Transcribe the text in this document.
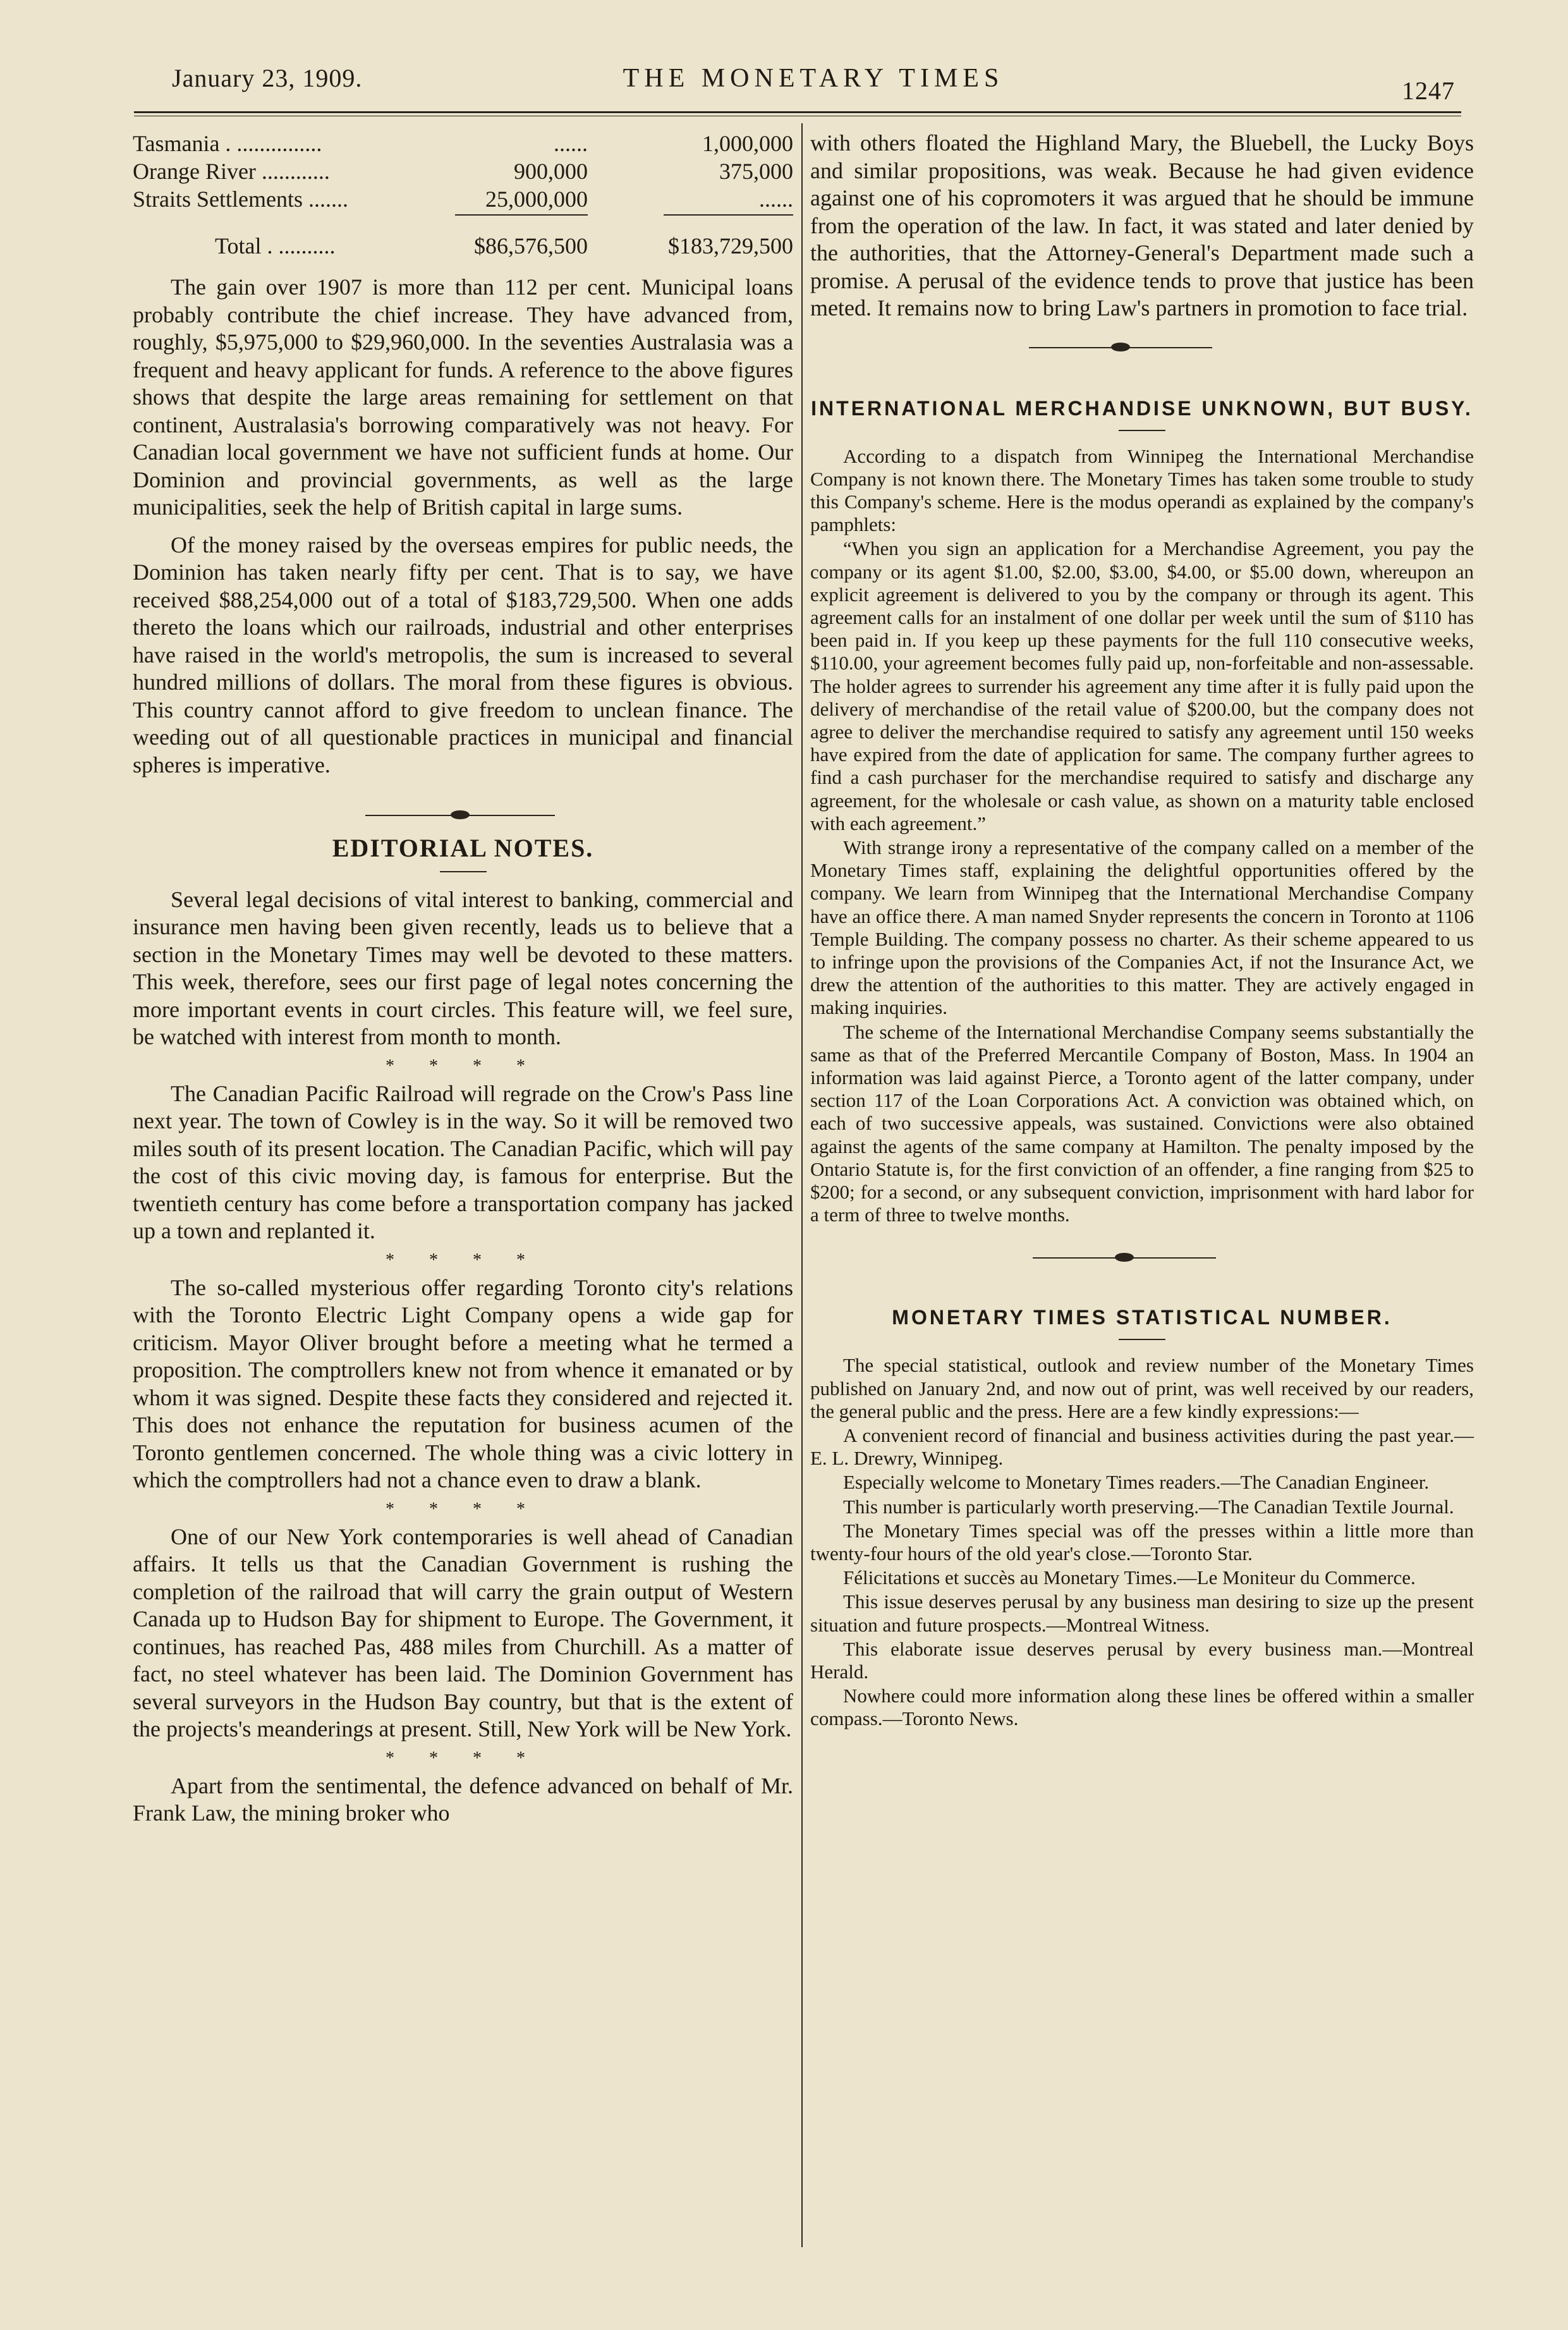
January 23, 1909.	THE MONETARY TIMES	1247
Tasmania . ...............	......	1,000,000
Orange River ............	900,000	375,000
Straits Settlements .......	25,000,000	......

Total . ..........	$86,576,500	$183,729,500

The gain over 1907 is more than 112 per cent. Municipal loans probably contribute the chief increase. They have advanced from, roughly, $5,975,000 to $29,960,000. In the seventies Australasia was a frequent and heavy applicant for funds. A reference to the above figures shows that despite the large areas remaining for settlement on that continent, Australasia's borrowing comparatively was not heavy. For Canadian local government we have not sufficient funds at home. Our Dominion and provincial governments, as well as the large municipalities, seek the help of British capital in large sums.

Of the money raised by the overseas empires for public needs, the Dominion has taken nearly fifty per cent. That is to say, we have received $88,254,000 out of a total of $183,729,500. When one adds thereto the loans which our railroads, industrial and other enterprises have raised in the world's metropolis, the sum is increased to several hundred millions of dollars. The moral from these figures is obvious. This country cannot afford to give freedom to unclean finance. The weeding out of all questionable practices in municipal and financial spheres is imperative.

EDITORIAL NOTES.

Several legal decisions of vital interest to banking, commercial and insurance men having been given recently, leads us to believe that a section in the Monetary Times may well be devoted to these matters. This week, therefore, sees our first page of legal notes concerning the more important events in court circles. This feature will, we feel sure, be watched with interest from month to month.

* * * *

The Canadian Pacific Railroad will regrade on the Crow's Pass line next year. The town of Cowley is in the way. So it will be removed two miles south of its present location. The Canadian Pacific, which will pay the cost of this civic moving day, is famous for enterprise. But the twentieth century has come before a transportation company has jacked up a town and replanted it.

* * * *

The so-called mysterious offer regarding Toronto city's relations with the Toronto Electric Light Company opens a wide gap for criticism. Mayor Oliver brought before a meeting what he termed a proposition. The comptrollers knew not from whence it emanated or by whom it was signed. Despite these facts they considered and rejected it. This does not enhance the reputation for business acumen of the Toronto gentlemen concerned. The whole thing was a civic lottery in which the comptrollers had not a chance even to draw a blank.

* * * *

One of our New York contemporaries is well ahead of Canadian affairs. It tells us that the Canadian Government is rushing the completion of the railroad that will carry the grain output of Western Canada up to Hudson Bay for shipment to Europe. The Government, it continues, has reached Pas, 488 miles from Churchill. As a matter of fact, no steel whatever has been laid. The Dominion Government has several surveyors in the Hudson Bay country, but that is the extent of the projects's meanderings at present. Still, New York will be New York.

* * * *

Apart from the sentimental, the defence advanced on behalf of Mr. Frank Law, the mining broker who

with others floated the Highland Mary, the Bluebell, the Lucky Boys and similar propositions, was weak. Because he had given evidence against one of his copromoters it was argued that he should be immune from the operation of the law. In fact, it was stated and later denied by the authorities, that the Attorney-General's Department made such a promise. A perusal of the evidence tends to prove that justice has been meted. It remains now to bring Law's partners in promotion to face trial.

INTERNATIONAL MERCHANDISE UNKNOWN, BUT BUSY.

According to a dispatch from Winnipeg the International Merchandise Company is not known there. The Monetary Times has taken some trouble to study this Company's scheme. Here is the modus operandi as explained by the company's pamphlets:

“When you sign an application for a Merchandise Agreement, you pay the company or its agent $1.00, $2.00, $3.00, $4.00, or $5.00 down, whereupon an explicit agreement is delivered to you by the company or through its agent. This agreement calls for an instalment of one dollar per week until the sum of $110 has been paid in. If you keep up these payments for the full 110 consecutive weeks, $110.00, your agreement becomes fully paid up, non-forfeitable and non-assessable. The holder agrees to surrender his agreement any time after it is fully paid upon the delivery of merchandise of the retail value of $200.00, but the company does not agree to deliver the merchandise required to satisfy any agreement until 150 weeks have expired from the date of application for same. The company further agrees to find a cash purchaser for the merchandise required to satisfy and discharge any agreement, for the wholesale or cash value, as shown on a maturity table enclosed with each agreement.”

With strange irony a representative of the company called on a member of the Monetary Times staff, explaining the delightful opportunities offered by the company. We learn from Winnipeg that the International Merchandise Company have an office there. A man named Snyder represents the concern in Toronto at 1106 Temple Building. The company possess no charter. As their scheme appeared to us to infringe upon the provisions of the Companies Act, if not the Insurance Act, we drew the attention of the authorities to this matter. They are actively engaged in making inquiries.

The scheme of the International Merchandise Company seems substantially the same as that of the Preferred Mercantile Company of Boston, Mass. In 1904 an information was laid against Pierce, a Toronto agent of the latter company, under section 117 of the Loan Corporations Act. A conviction was obtained which, on each of two successive appeals, was sustained. Convictions were also obtained against the agents of the same company at Hamilton. The penalty imposed by the Ontario Statute is, for the first conviction of an offender, a fine ranging from $25 to $200; for a second, or any subsequent conviction, imprisonment with hard labor for a term of three to twelve months.

MONETARY TIMES STATISTICAL NUMBER.

The special statistical, outlook and review number of the Monetary Times published on January 2nd, and now out of print, was well received by our readers, the general public and the press. Here are a few kindly expressions:—

A convenient record of financial and business activities during the past year.—E. L. Drewry, Winnipeg.

Especially welcome to Monetary Times readers.—The Canadian Engineer.

This number is particularly worth preserving.—The Canadian Textile Journal.

The Monetary Times special was off the presses within a little more than twenty-four hours of the old year's close.—Toronto Star.

Félicitations et succès au Monetary Times.—Le Moniteur du Commerce.

This issue deserves perusal by any business man desiring to size up the present situation and future prospects.—Montreal Witness.

This elaborate issue deserves perusal by every business man.—Montreal Herald.

Nowhere could more information along these lines be offered within a smaller compass.—Toronto News.
